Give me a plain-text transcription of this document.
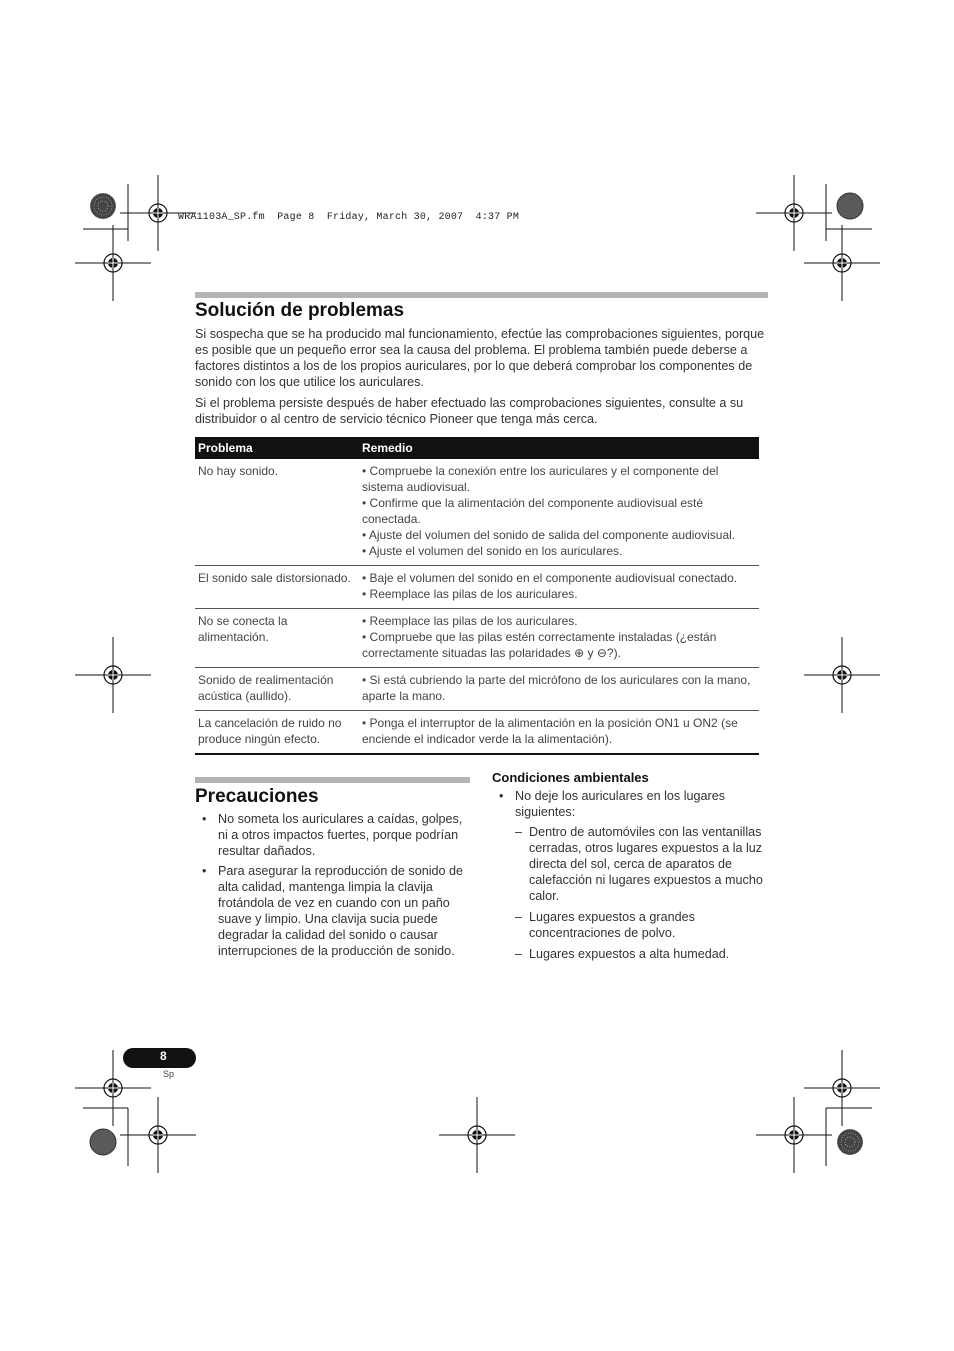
WRA1103A_SP.fm  Page 8  Friday, March 30, 2007  4:37 PM
Solución de problemas

Si sospecha que se ha producido mal funcionamiento, efectúe las comprobaciones siguientes, porque es posible que un pequeño error sea la causa del problema. El problema también puede deberse a factores distintos a los de los propios auriculares, por lo que deberá comprobar los componentes de sonido con los que utilice los auriculares.

Si el problema persiste después de haber efectuado las comprobaciones siguientes, consulte a su distribuidor o al centro de servicio técnico Pioneer que tenga más cerca.

Problema	Remedio
No hay sonido.	• Compruebe la conexión entre los auriculares y el componente del sistema audiovisual.
• Confirme que la alimentación del componente audiovisual esté conectada.
• Ajuste del volumen del sonido de salida del componente audiovisual.
• Ajuste el volumen del sonido en los auriculares.

El sonido sale distorsionado.	• Baje el volumen del sonido en el componente audiovisual conectado.
• Reemplace las pilas de los auriculares.

No se conecta la alimentación.	• Reemplace las pilas de los auriculares.
• Compruebe que las pilas estén correctamente instaladas (¿están correctamente situadas las polaridades ⊕ y ⊖?).

Sonido de realimentación acústica (aullido).	• Si está cubriendo la parte del micrófono de los auriculares con la mano, aparte la mano.

La cancelación de ruido no produce ningún efecto.	• Ponga el interruptor de la alimentación en la posición ON1 u ON2 (se enciende el indicador verde la la alimentación).
Precauciones
• No someta los auriculares a caídas, golpes, ni a otros impactos fuertes, porque podrían resultar dañados.
• Para asegurar la reproducción de sonido de alta calidad, mantenga limpia la clavija frotándola de vez en cuando con un paño suave y limpio. Una clavija sucia puede degradar la calidad del sonido o causar interrupciones de la producción de sonido.
Condiciones ambientales
• No deje los auriculares en los lugares siguientes:
– Dentro de automóviles con las ventanillas cerradas, otros lugares expuestos a la luz directa del sol, cerca de aparatos de calefacción ni lugares expuestos a mucho calor.
– Lugares expuestos a grandes concentraciones de polvo.
– Lugares expuestos a alta humedad.
8
Sp
